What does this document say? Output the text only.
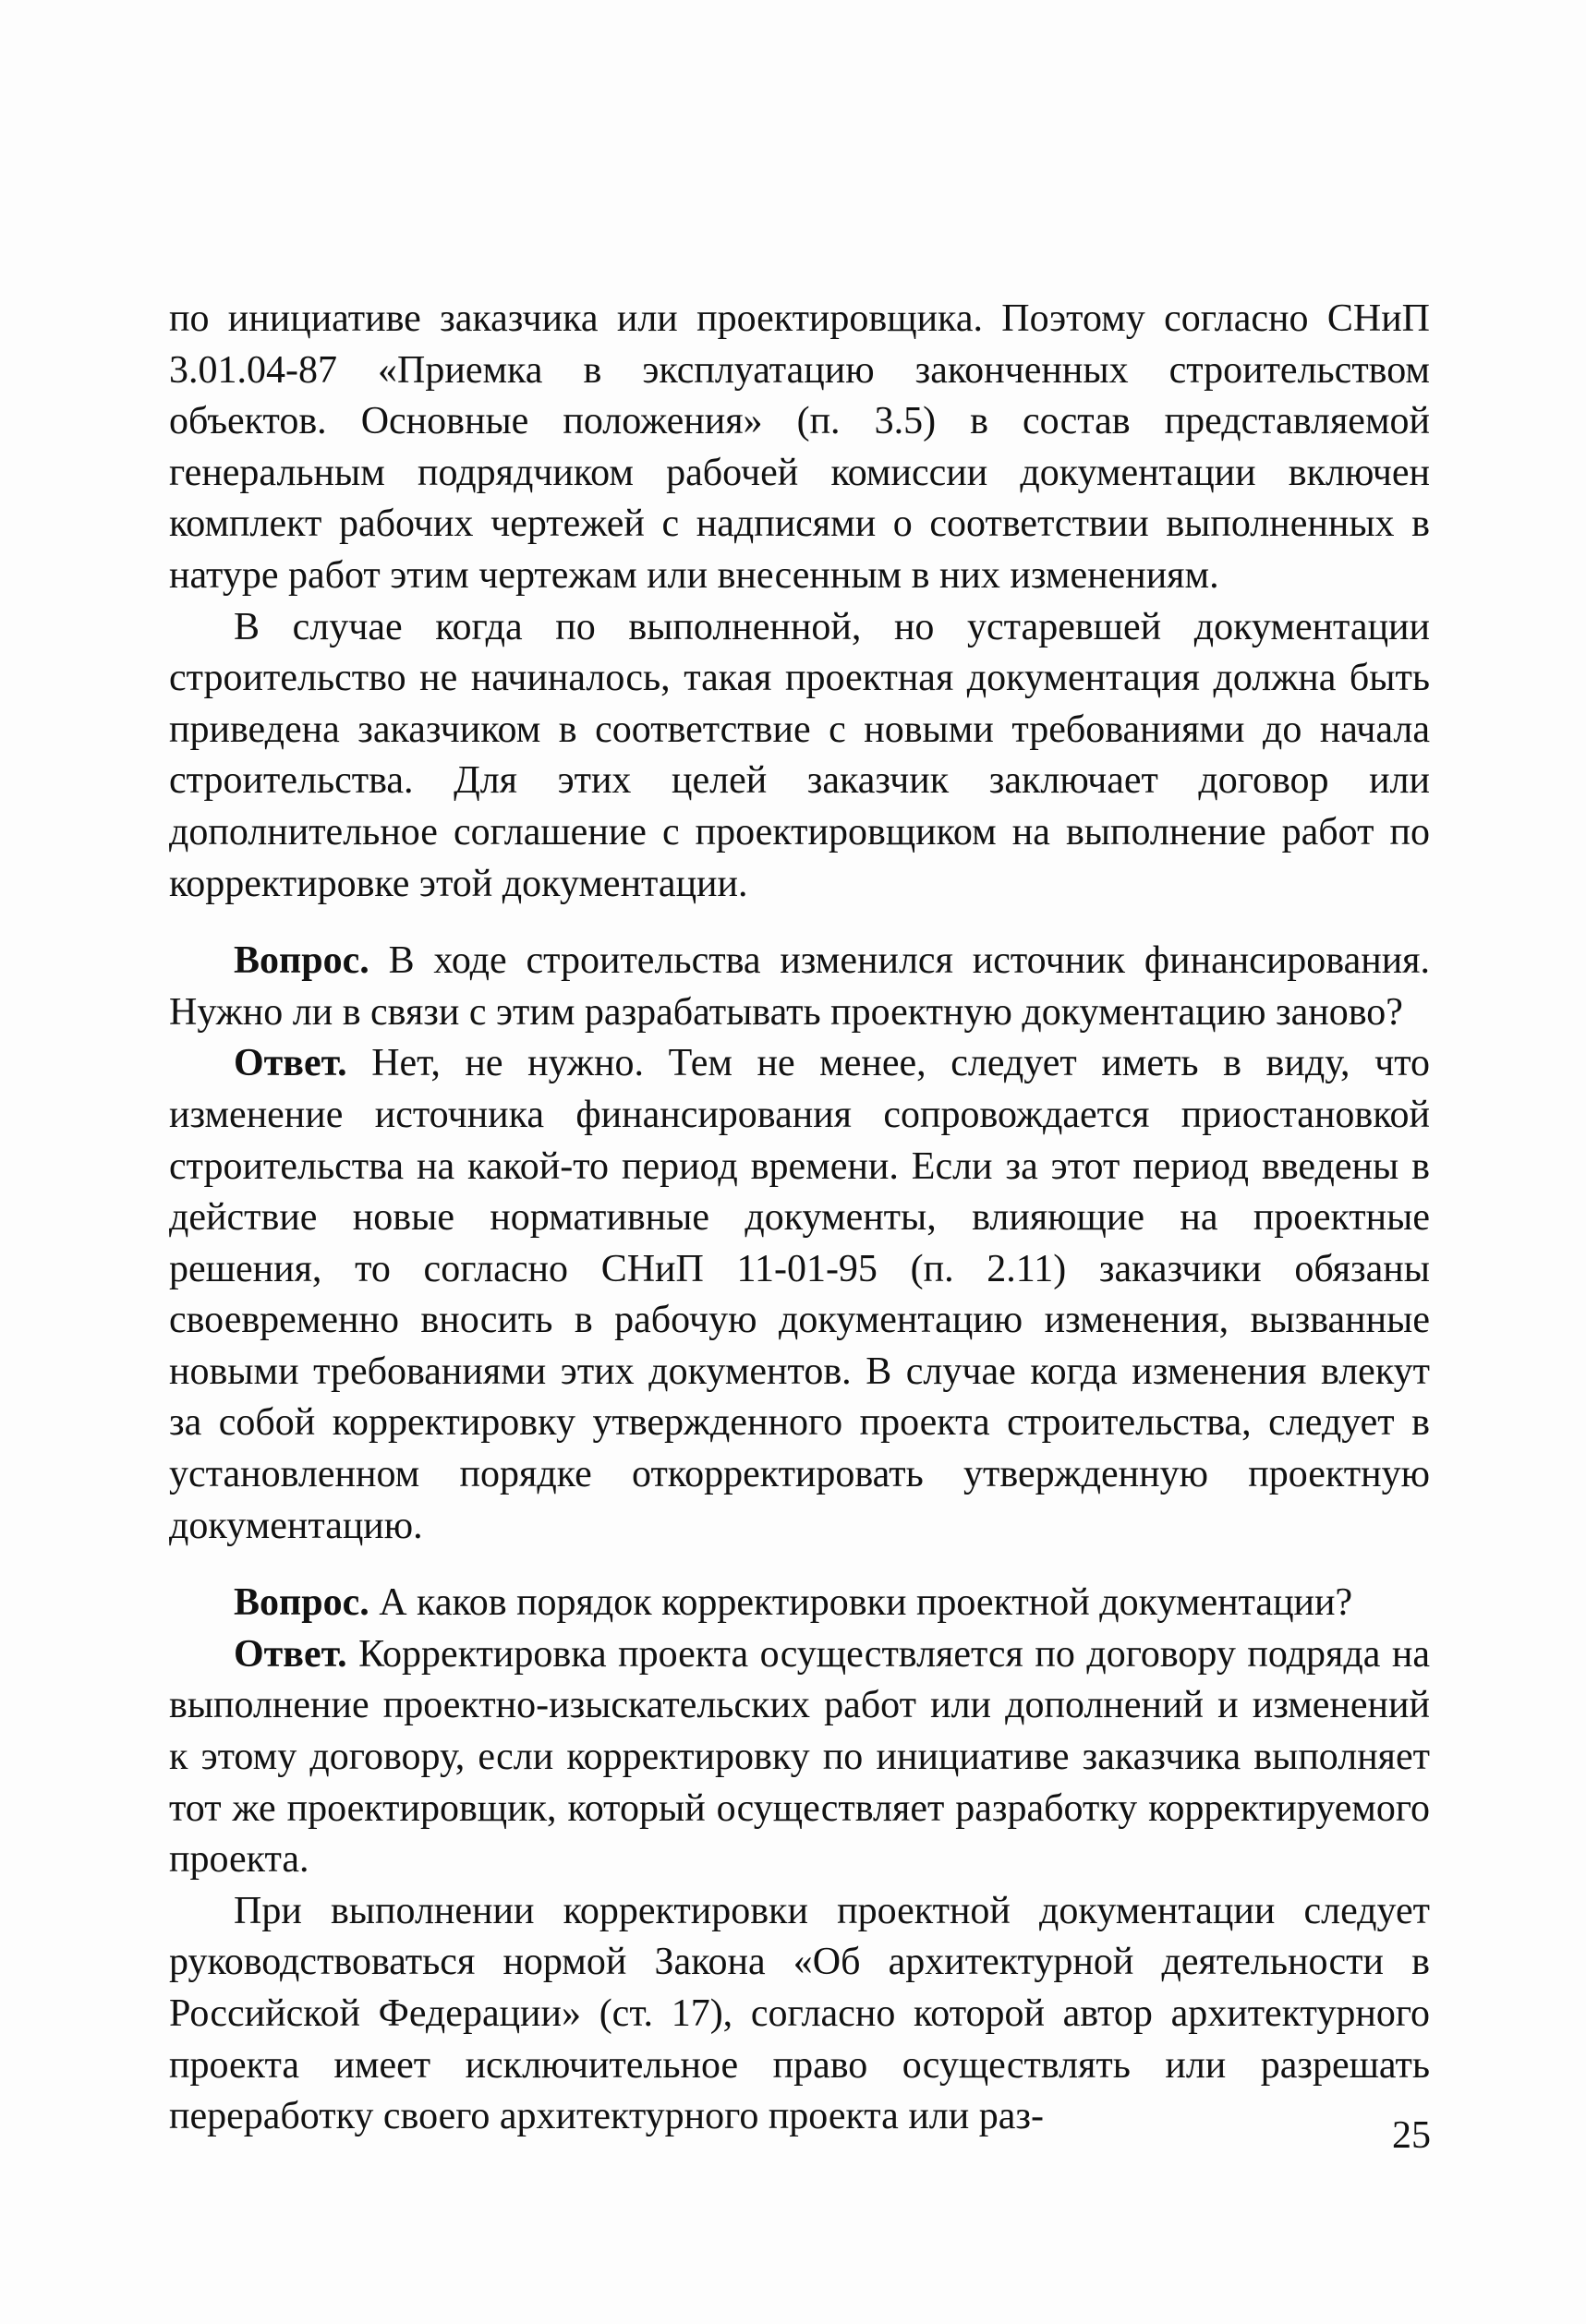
по инициативе заказчика или проектировщика. Поэтому согласно СНиП 3.01.04-87 «Приемка в эксплуатацию законченных строительством объектов. Основные положения» (п. 3.5) в состав представляемой генеральным подрядчиком рабочей комиссии документации включен комплект рабочих чертежей с надписями о соответствии выполненных в натуре работ этим чертежам или внесенным в них изменениям.

В случае когда по выполненной, но устаревшей документации строительство не начиналось, такая проектная документация должна быть приведена заказчиком в соответствие с новыми требованиями до начала строительства. Для этих целей заказчик заключает договор или дополнительное соглашение с проектировщиком на выполнение работ по корректировке этой документации.

Вопрос. В ходе строительства изменился источник финансирования. Нужно ли в связи с этим разрабатывать проектную документацию заново?

Ответ. Нет, не нужно. Тем не менее, следует иметь в виду, что изменение источника финансирования сопровождается приостановкой строительства на какой-то период времени. Если за этот период введены в действие новые нормативные документы, влияющие на проектные решения, то согласно СНиП 11-01-95 (п. 2.11) заказчики обязаны своевременно вносить в рабочую документацию изменения, вызванные новыми требованиями этих документов. В случае когда изменения влекут за собой корректировку утвержденного проекта строительства, следует в установленном порядке откорректировать утвержденную проектную документацию.

Вопрос. А каков порядок корректировки проектной документации?

Ответ. Корректировка проекта осуществляется по договору подряда на выполнение проектно-изыскательских работ или дополнений и изменений к этому договору, если корректировку по инициативе заказчика выполняет тот же проектировщик, который осуществляет разработку корректируемого проекта.

При выполнении корректировки проектной документации следует руководствоваться нормой Закона «Об архитектурной деятельности в Российской Федерации» (ст. 17), согласно которой автор архитектурного проекта имеет исключительное право осуществлять или разрешать переработку своего архитектурного проекта или раз-	25
